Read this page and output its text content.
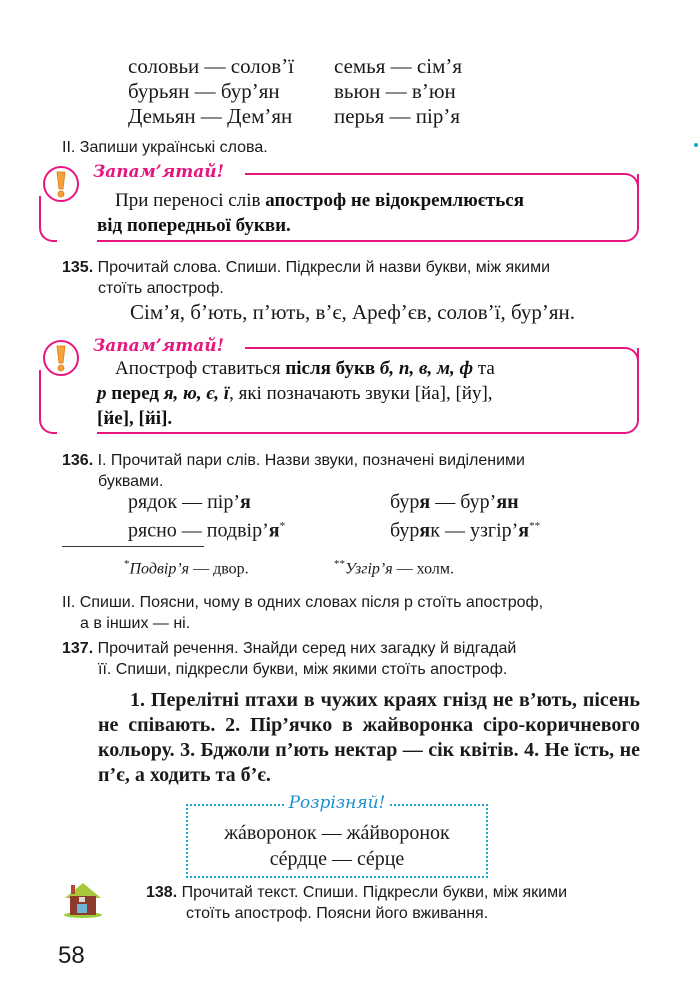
соловьи — солов’ї	семья — сім’я
бурьян — бур’ян	вьюн — в’юн
Демьян — Дем’ян	перья — пір’я
ІІ. Запиши українські слова.
Запам’ятай!
При переносі слів апостроф не відокремлюється
від попередньої букви.
135. Прочитай слова. Спиши. Підкресли й назви букви, між якими
стоїть апостроф.
Сім’я, б’ють, п’ють, в’є, Ареф’єв, солов’ї, бур’ян.
Запам’ятай!
Апостроф ставиться після букв б, п, в, м, ф та
р перед я, ю, є, ї, які позначають звуки [йа], [йу],
[йе], [йі].
136. І. Прочитай пари слів. Назви звуки, позначені виділеними
буквами.
рядок — пір’я	буря — бур’ян
рясно — подвір’я*	буряк — узгір’я**
*Подвір’я — двор.	**Узгір’я — холм.
ІІ. Спиши. Поясни, чому в одних словах після р стоїть апостроф,
а в інших — ні.
137. Прочитай речення. Знайди серед них загадку й відгадай
її. Спиши, підкресли букви, між якими стоїть апостроф.
1. Перелітні птахи в чужих краях гнізд не в’ють, пісень не співають. 2. Пір’ячко в жайворонка сіро-коричневого кольору. 3. Бджоли п’ють нектар — сік квітів. 4. Не їсть, не п’є, а ходить та б’є.
Розрізняй!
жáворонок — жáйворонок
сéрдце — сéрце
138. Прочитай текст. Спиши. Підкресли букви, між якими
стоїть апостроф. Поясни його вживання.
58
